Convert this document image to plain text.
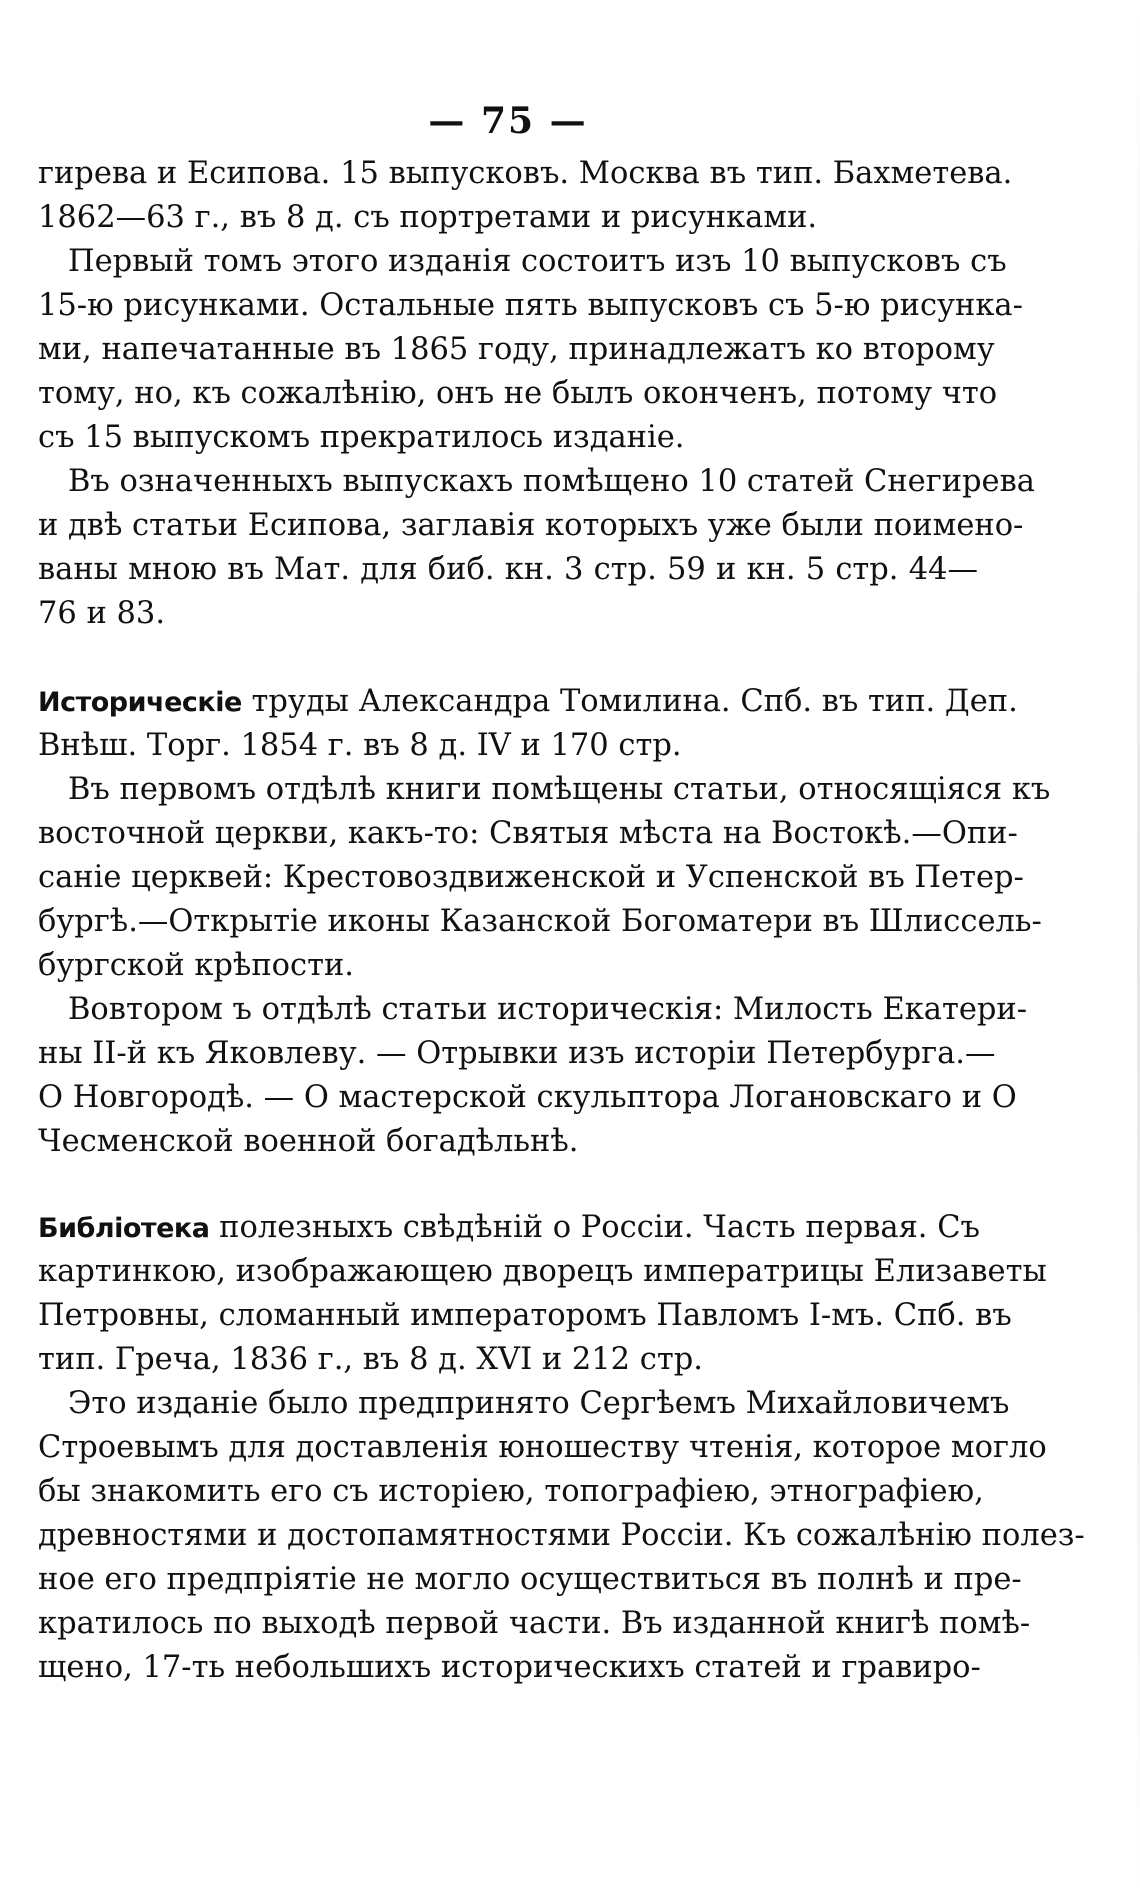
— 75 —
гирева и Есипова. 15 выпусковъ. Москва въ тип. Бахметева.
1862—63 г., въ 8 д. съ портретами и рисунками.
Первый томъ этого изданія состоитъ изъ 10 выпусковъ съ
15-ю рисунками. Остальные пять выпусковъ съ 5-ю рисунка-
ми, напечатанные въ 1865 году, принадлежатъ ко второму
тому, но, къ сожалѣнію, онъ не былъ оконченъ, потому что
съ 15 выпускомъ прекратилось изданіе.
Въ означенныхъ выпускахъ помѣщено 10 статей Снегирева
и двѣ статьи Есипова, заглавія которыхъ уже были поимено-
ваны мною въ Мат. для биб. кн. 3 стр. 59 и кн. 5 стр. 44—
76 и 83.
Историческіе труды Александра Томилина. Спб. въ тип. Деп.
Внѣш. Торг. 1854 г. въ 8 д. IV и 170 стр.
Въ первомъ отдѣлѣ книги помѣщены статьи, относящіяся къ
восточной церкви, какъ-то: Святыя мѣста на Востокѣ.—Опи-
саніе церквей: Крестовоздвиженской и Успенской въ Петер-
бургѣ.—Открытіе иконы Казанской Богоматери въ Шлиссель-
бургской крѣпости.
Вовтором ъ отдѣлѣ статьи историческія: Милость Екатери-
ны ІІ-й къ Яковлеву. — Отрывки изъ исторіи Петербурга.—
О Новгородѣ. — О мастерской скульптора Логановскаго и О
Чесменской военной богадѣльнѣ.
Библіотека полезныхъ свѣдѣній о Россіи. Часть первая. Съ
картинкою, изображающею дворецъ императрицы Елизаветы
Петровны, сломанный императоромъ Павломъ І-мъ. Спб. въ
тип. Греча, 1836 г., въ 8 д. XVI и 212 стр.
Это изданіе было предпринято Сергѣемъ Михайловичемъ
Строевымъ для доставленія юношеству чтенія, которое могло
бы знакомить его съ исторіею, топографіею, этнографіею,
древностями и достопамятностями Россіи. Къ сожалѣнію полез-
ное его предпріятіе не могло осуществиться въ полнѣ и пре-
кратилось по выходѣ первой части. Въ изданной книгѣ помѣ-
щено, 17-ть небольшихъ историческихъ статей и гравиро-
